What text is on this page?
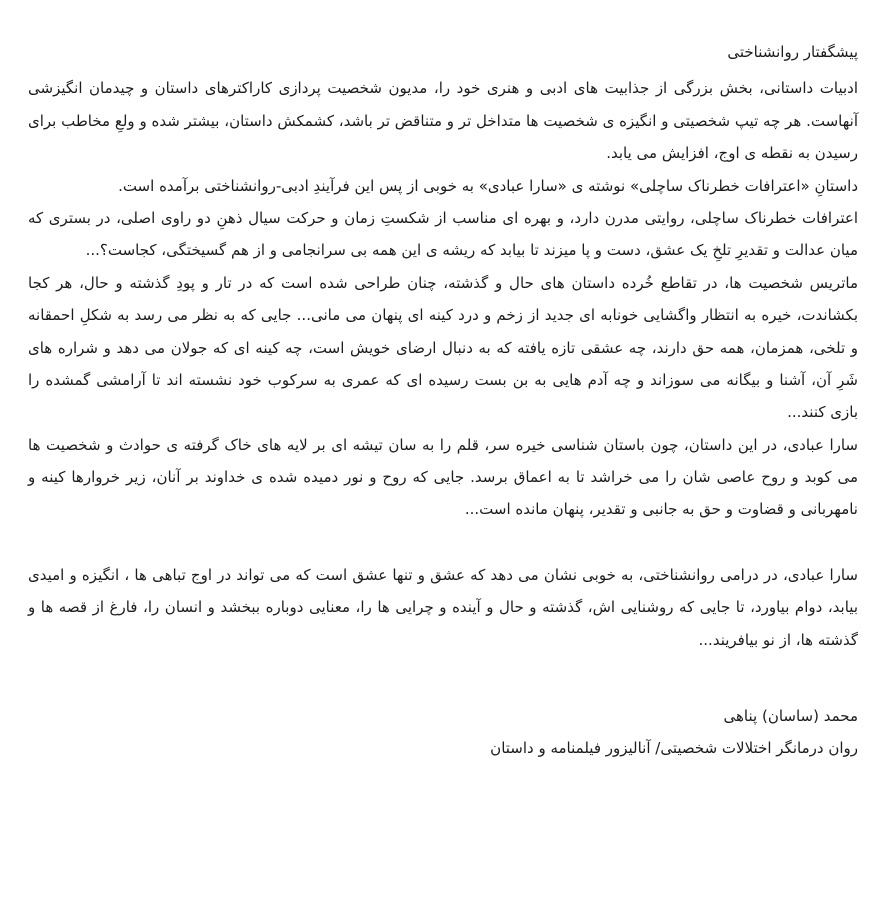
پیشگفتار روانشناختی

ادبیات داستانی، بخش بزرگی از جذابیت های ادبی و هنری خود را، مدیون شخصیت پردازی کاراکترهای داستان و چیدمان انگیزشی آنهاست. هر چه تیپ شخصیتی و انگیزه ی شخصیت ها متداخل تر و متناقض تر باشد، کشمکش داستان، بیشتر شده و ولعِ مخاطب برای رسیدن به نقطه ی اوج، افزایش می یابد.

داستانِ «اعترافات خطرناک ساچلی» نوشته ی «سارا عبادی» به خوبی از پس این فرآیندِ ادبی-روانشناختی برآمده است.

اعترافات خطرناک ساچلی، روایتی مدرن دارد، و بهره ای مناسب از شکستِ زمان و حرکت سیال ذهنِ دو راوی اصلی، در بستری که میان عدالت و تقدیرِ تلخِ یک عشق، دست و پا میزند تا بیابد که ریشه ی این همه بی سرانجامی و از هم گسیختگی، کجاست؟...

ماتریس شخصیت ها، در تقاطع خُرده داستان های حال و گذشته، چنان طراحی شده است که در تار و پودِ گذشته و حال، هر کجا بکشاندت، خیره به انتظار واگشایی خونابه ای جدید از زخم و درد کینه ای پنهان می مانی... جایی که به نظر می رسد به شکلِ احمقانه و تلخی، همزمان، همه حق دارند، چه عشقی تازه یافته که به دنبال ارضای خویش است، چه کینه ای که جولان می دهد و شراره های شَرِ آن، آشنا و بیگانه می سوزاند و چه آدم هایی به بن بست رسیده ای که عمری به سرکوب خود نشسته اند تا آرامشی گمشده را بازی کنند...

سارا عبادی، در این داستان، چون باستان شناسی خیره سر، قلم را به سان تیشه ای بر لایه های خاک گرفته ی حوادث و شخصیت ها می کوبد و روح عاصی شان را می خراشد تا به اعماق برسد. جایی که روح و نور دمیده شده ی خداوند بر آنان، زیر خروارها کینه و نامهربانی و قضاوت و حق به جانبی و تقدیر، پنهان مانده است...

سارا عبادی، در درامی روانشناختی، به خوبی نشان می دهد که عشق و تنها عشق است که می تواند در اوج تباهی ها ، انگیزه و امیدی بیابد، دوام بیاورد، تا جایی که روشنایی اش، گذشته و حال و آینده و چرایی ها را، معنایی دوباره ببخشد و انسان را، فارغ از قصه ها و گذشته ها، از نو بیافریند...

محمد (ساسان) پناهی

روان درمانگر اختلالات شخصیتی/ آنالیزور فیلمنامه و داستان
